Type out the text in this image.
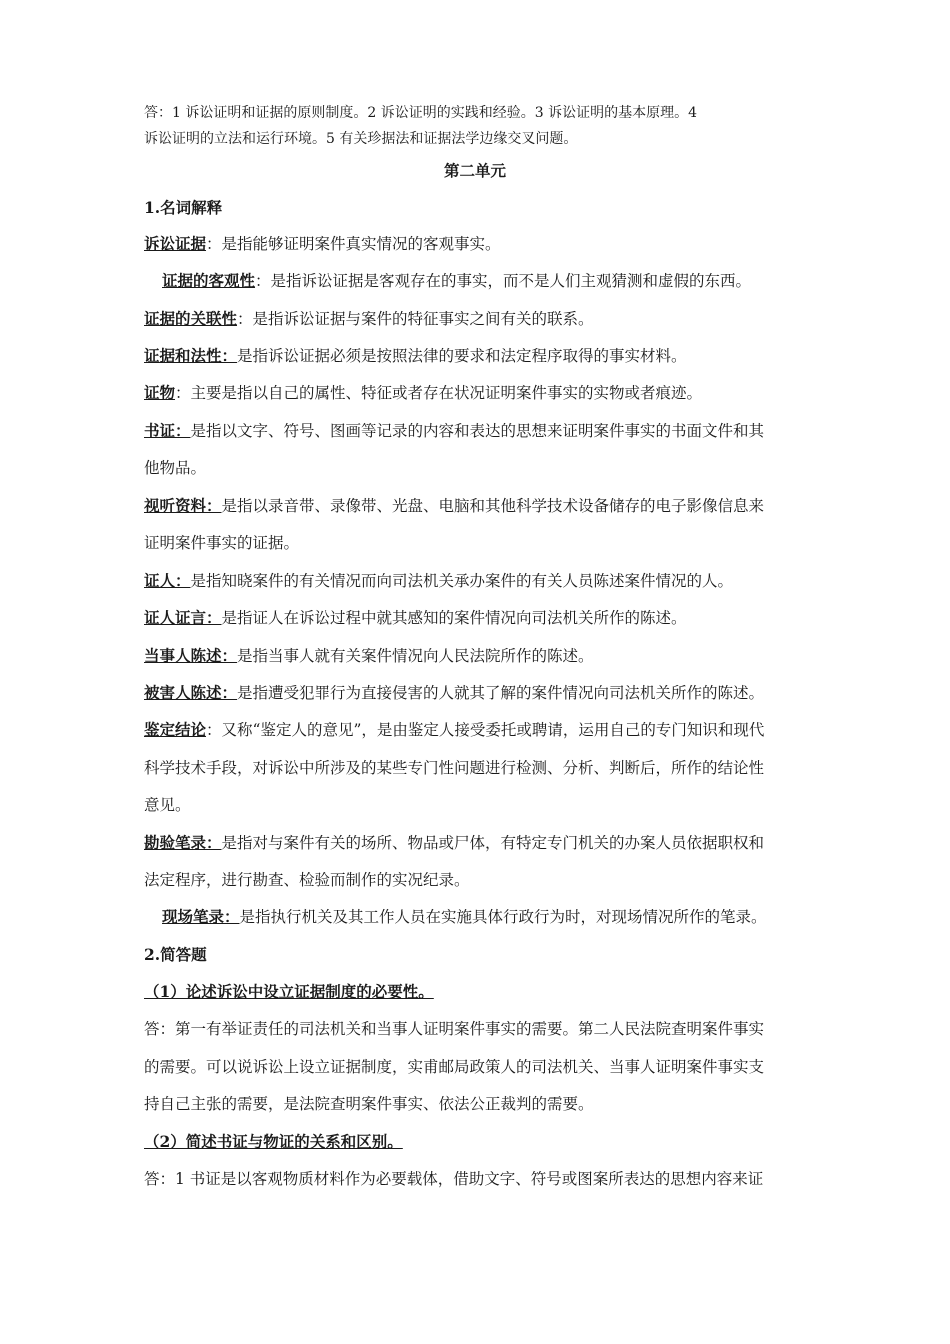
答：1 诉讼证明和证据的原则制度。2 诉讼证明的实践和经验。3 诉讼证明的基本原理。4
诉讼证明的立法和运行环境。5 有关珍据法和证据法学边缘交叉问题。
第二单元
1.名词解释
诉讼证据：是指能够证明案件真实情况的客观事实。
证据的客观性：是指诉讼证据是客观存在的事实，而不是人们主观猜测和虚假的东西。
证据的关联性：是指诉讼证据与案件的特征事实之间有关的联系。
证据和法性：是指诉讼证据必须是按照法律的要求和法定程序取得的事实材料。
证物：主要是指以自己的属性、特征或者存在状况证明案件事实的实物或者痕迹。
书证：是指以文字、符号、图画等记录的内容和表达的思想来证明案件事实的书面文件和其
他物品。
视听资料：是指以录音带、录像带、光盘、电脑和其他科学技术设备储存的电子影像信息来
证明案件事实的证据。
证人：是指知晓案件的有关情况而向司法机关承办案件的有关人员陈述案件情况的人。
证人证言：是指证人在诉讼过程中就其感知的案件情况向司法机关所作的陈述。
当事人陈述：是指当事人就有关案件情况向人民法院所作的陈述。
被害人陈述：是指遭受犯罪行为直接侵害的人就其了解的案件情况向司法机关所作的陈述。
鉴定结论：又称“鉴定人的意见”，是由鉴定人接受委托或聘请，运用自己的专门知识和现代
科学技术手段，对诉讼中所涉及的某些专门性问题进行检测、分析、判断后，所作的结论性
意见。
勘验笔录：是指对与案件有关的场所、物品或尸体，有特定专门机关的办案人员依据职权和
法定程序，进行勘查、检验而制作的实况纪录。
现场笔录：是指执行机关及其工作人员在实施具体行政行为时，对现场情况所作的笔录。
2.简答题
（1）论述诉讼中设立证据制度的必要性。
答：第一有举证责任的司法机关和当事人证明案件事实的需要。第二人民法院查明案件事实
的需要。可以说诉讼上设立证据制度，实甫邮局政策人的司法机关、当事人证明案件事实支
持自己主张的需要，是法院查明案件事实、依法公正裁判的需要。
（2）简述书证与物证的关系和区别。
答：1 书证是以客观物质材料作为必要载体，借助文字、符号或图案所表达的思想内容来证
